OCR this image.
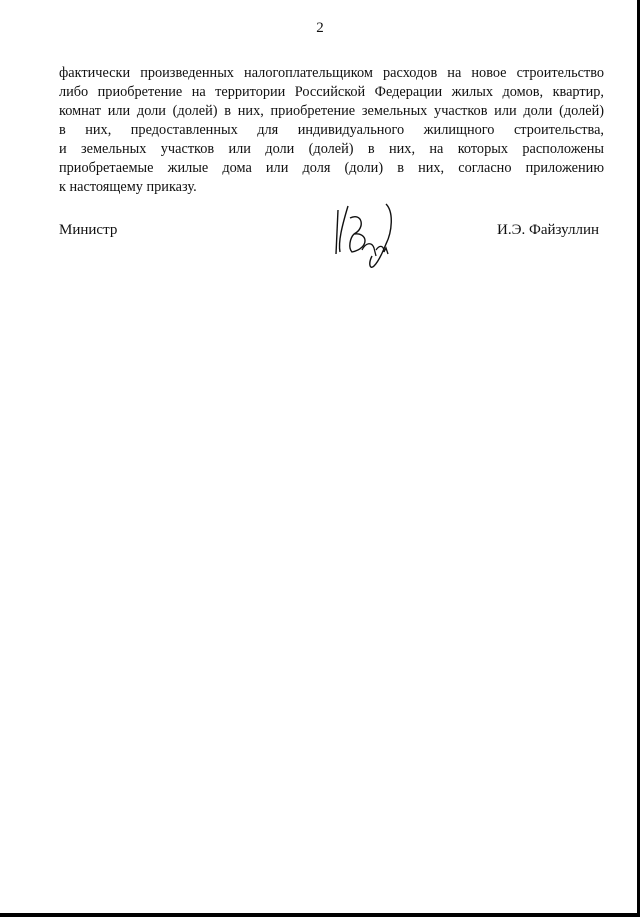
2
фактически произведенных налогоплательщиком расходов на новое строительство
либо приобретение на территории Российской Федерации жилых домов, квартир,
комнат или доли (долей) в них, приобретение земельных участков или доли (долей)
в них, предоставленных для индивидуального жилищного строительства,
и земельных участков или доли (долей) в них, на которых расположены
приобретаемые жилые дома или доля (доли) в них, согласно приложению
к настоящему приказу.
Министр	И.Э. Файзуллин
